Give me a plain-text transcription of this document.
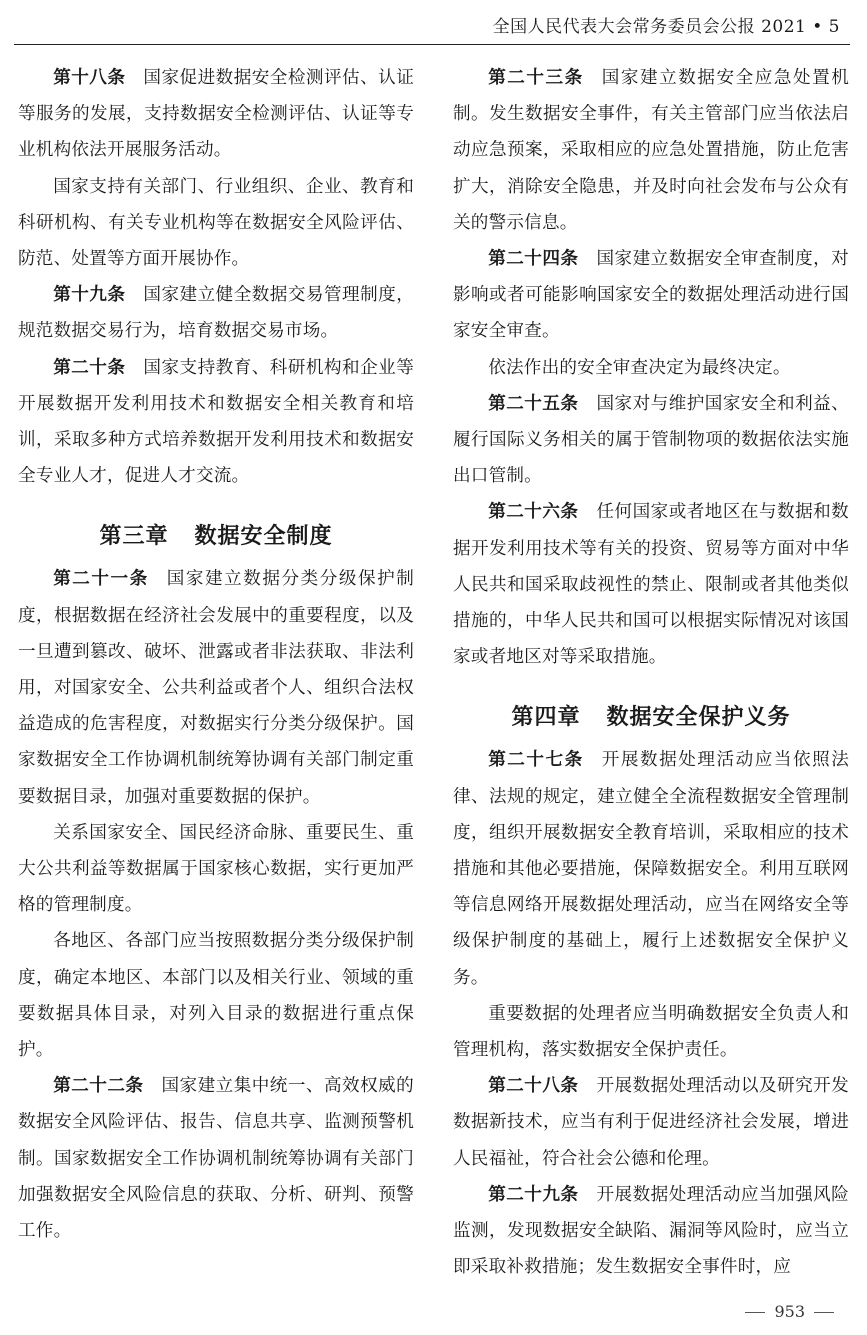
全国人民代表大会常务委员会公报 2021 • 5

第十八条 国家促进数据安全检测评估、认证等服务的发展，支持数据安全检测评估、认证等专业机构依法开展服务活动。

国家支持有关部门、行业组织、企业、教育和科研机构、有关专业机构等在数据安全风险评估、防范、处置等方面开展协作。

第十九条 国家建立健全数据交易管理制度，规范数据交易行为，培育数据交易市场。

第二十条 国家支持教育、科研机构和企业等开展数据开发利用技术和数据安全相关教育和培训，采取多种方式培养数据开发利用技术和数据安全专业人才，促进人才交流。

第三章 数据安全制度

第二十一条 国家建立数据分类分级保护制度，根据数据在经济社会发展中的重要程度，以及一旦遭到篡改、破坏、泄露或者非法获取、非法利用，对国家安全、公共利益或者个人、组织合法权益造成的危害程度，对数据实行分类分级保护。国家数据安全工作协调机制统筹协调有关部门制定重要数据目录，加强对重要数据的保护。

关系国家安全、国民经济命脉、重要民生、重大公共利益等数据属于国家核心数据，实行更加严格的管理制度。

各地区、各部门应当按照数据分类分级保护制度，确定本地区、本部门以及相关行业、领域的重要数据具体目录，对列入目录的数据进行重点保护。

第二十二条 国家建立集中统一、高效权威的数据安全风险评估、报告、信息共享、监测预警机制。国家数据安全工作协调机制统筹协调有关部门加强数据安全风险信息的获取、分析、研判、预警工作。

第二十三条 国家建立数据安全应急处置机制。发生数据安全事件，有关主管部门应当依法启动应急预案，采取相应的应急处置措施，防止危害扩大，消除安全隐患，并及时向社会发布与公众有关的警示信息。

第二十四条 国家建立数据安全审查制度，对影响或者可能影响国家安全的数据处理活动进行国家安全审查。

依法作出的安全审查决定为最终决定。

第二十五条 国家对与维护国家安全和利益、履行国际义务相关的属于管制物项的数据依法实施出口管制。

第二十六条 任何国家或者地区在与数据和数据开发利用技术等有关的投资、贸易等方面对中华人民共和国采取歧视性的禁止、限制或者其他类似措施的，中华人民共和国可以根据实际情况对该国家或者地区对等采取措施。

第四章 数据安全保护义务

第二十七条 开展数据处理活动应当依照法律、法规的规定，建立健全全流程数据安全管理制度，组织开展数据安全教育培训，采取相应的技术措施和其他必要措施，保障数据安全。利用互联网等信息网络开展数据处理活动，应当在网络安全等级保护制度的基础上，履行上述数据安全保护义务。

重要数据的处理者应当明确数据安全负责人和管理机构，落实数据安全保护责任。

第二十八条 开展数据处理活动以及研究开发数据新技术，应当有利于促进经济社会发展，增进人民福祉，符合社会公德和伦理。

第二十九条 开展数据处理活动应当加强风险监测，发现数据安全缺陷、漏洞等风险时，应当立即采取补救措施；发生数据安全事件时，应

953
